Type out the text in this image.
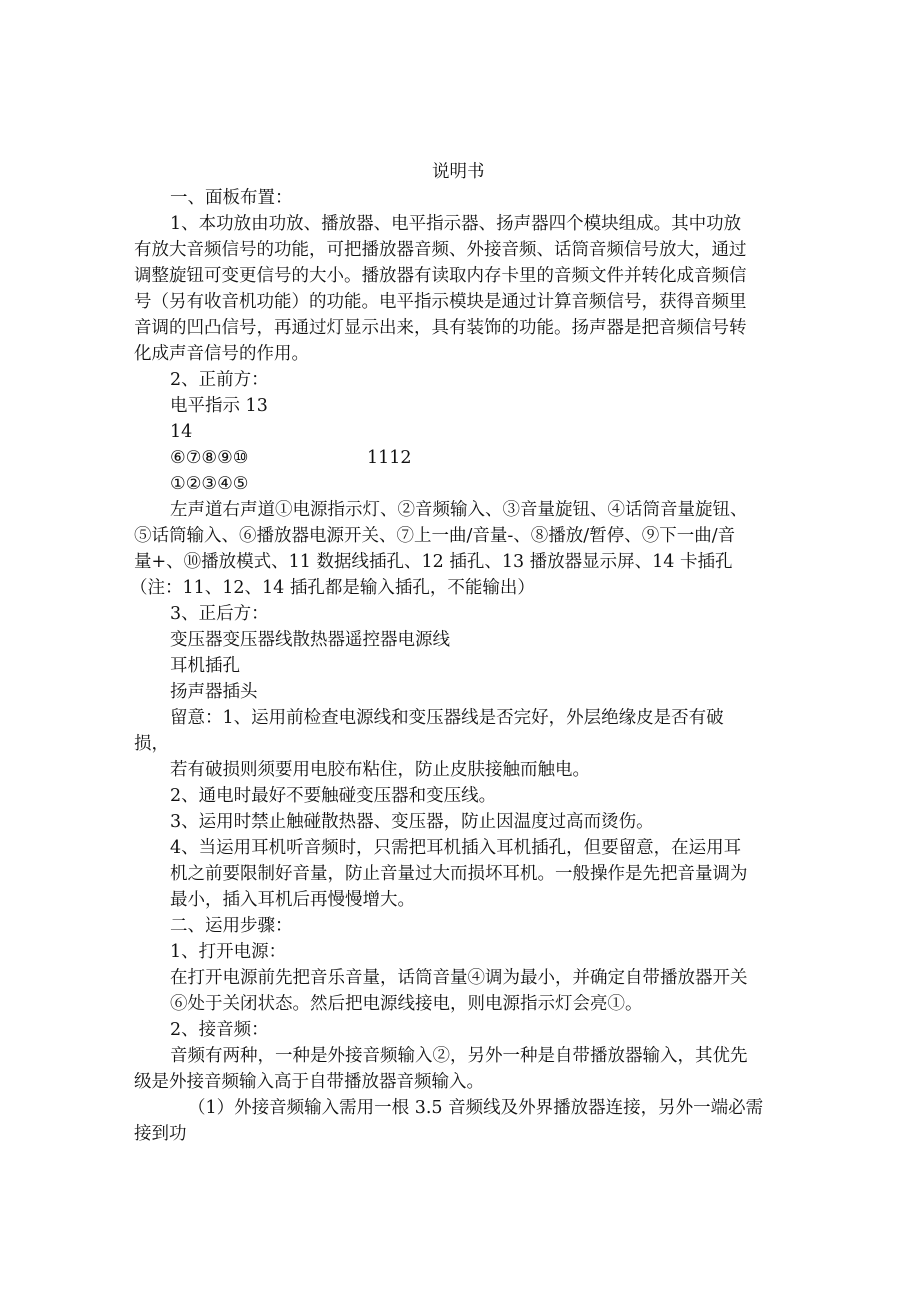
说明书
一、面板布置：
1、本功放由功放、播放器、电平指示器、扬声器四个模块组成。其中功放
有放大音频信号的功能，可把播放器音频、外接音频、话筒音频信号放大，通过
调整旋钮可变更信号的大小。播放器有读取内存卡里的音频文件并转化成音频信
号（另有收音机功能）的功能。电平指示模块是通过计算音频信号，获得音频里
音调的凹凸信号，再通过灯显示出来，具有装饰的功能。扬声器是把音频信号转
化成声音信号的作用。
2、正前方：
电平指示 13
14
⑥⑦⑧⑨⑩	1112
①②③④⑤
左声道右声道①电源指示灯、②音频输入、③音量旋钮、④话筒音量旋钮、
⑤话筒输入、⑥播放器电源开关、⑦上一曲/音量-、⑧播放/暂停、⑨下一曲/音
量+、⑩播放模式、11 数据线插孔、12 插孔、13 播放器显示屏、14 卡插孔
（注：11、12、14 插孔都是输入插孔，不能输出）
3、正后方：
变压器变压器线散热器遥控器电源线
耳机插孔
扬声器插头
留意：1、运用前检查电源线和变压器线是否完好，外层绝缘皮是否有破
损，
若有破损则须要用电胶布粘住，防止皮肤接触而触电。
2、通电时最好不要触碰变压器和变压线。
3、运用时禁止触碰散热器、变压器，防止因温度过高而烫伤。
4、当运用耳机听音频时，只需把耳机插入耳机插孔，但要留意，在运用耳
机之前要限制好音量，防止音量过大而损坏耳机。一般操作是先把音量调为
最小，插入耳机后再慢慢增大。
二、运用步骤：
1、打开电源：
在打开电源前先把音乐音量，话筒音量④调为最小，并确定自带播放器开关
⑥处于关闭状态。然后把电源线接电，则电源指示灯会亮①。
2、接音频：
音频有两种，一种是外接音频输入②，另外一种是自带播放器输入，其优先
级是外接音频输入高于自带播放器音频输入。
（1）外接音频输入需用一根 3.5 音频线及外界播放器连接，另外一端必需
接到功
